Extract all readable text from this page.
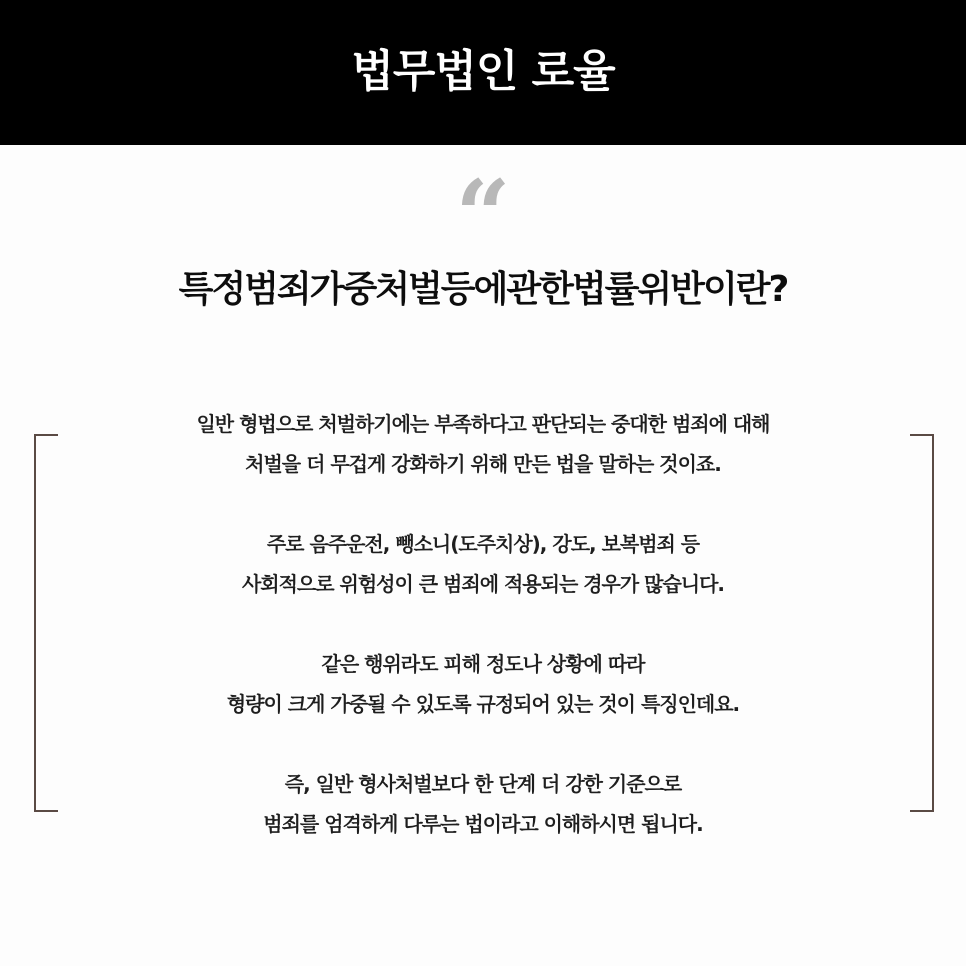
법무법인 로율
“
특정범죄가중처벌등에관한법률위반이란?
일반 형법으로 처벌하기에는 부족하다고 판단되는 중대한 범죄에 대해
처벌을 더 무겁게 강화하기 위해 만든 법을 말하는 것이죠.
주로 음주운전, 뺑소니(도주치상), 강도, 보복범죄 등
사회적으로 위험성이 큰 범죄에 적용되는 경우가 많습니다.
같은 행위라도 피해 정도나 상황에 따라
형량이 크게 가중될 수 있도록 규정되어 있는 것이 특징인데요.
즉, 일반 형사처벌보다 한 단계 더 강한 기준으로
범죄를 엄격하게 다루는 법이라고 이해하시면 됩니다.
